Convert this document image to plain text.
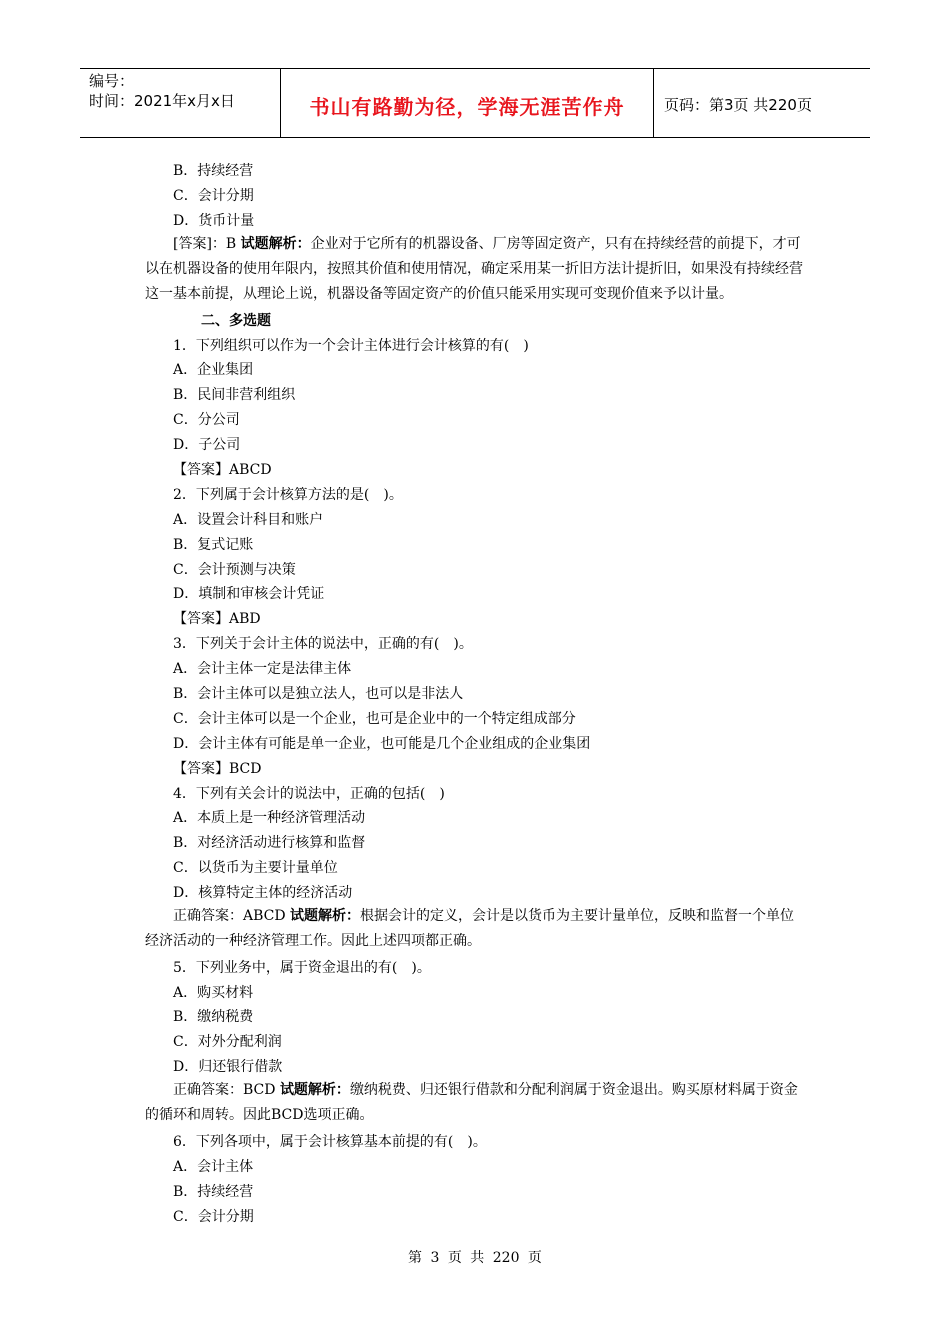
编号：
时间：2021年x月x日	书山有路勤为径，学海无涯苦作舟	页码：第3页 共220页
B．持续经营
C．会计分期
D．货币计量
[答案]：B 试题解析：企业对于它所有的机器设备、厂房等固定资产，只有在持续经营的前提下，才可以在机器设备的使用年限内，按照其价值和使用情况，确定采用某一折旧方法计提折旧，如果没有持续经营这一基本前提，从理论上说，机器设备等固定资产的价值只能采用实现可变现价值来予以计量。
二、多选题
1．下列组织可以作为一个会计主体进行会计核算的有(　)
A．企业集团
B．民间非营利组织
C．分公司
D．子公司
【答案】ABCD
2．下列属于会计核算方法的是(　)。
A．设置会计科目和账户
B．复式记账
C．会计预测与决策
D．填制和审核会计凭证
【答案】ABD
3．下列关于会计主体的说法中，正确的有(　)。
A．会计主体一定是法律主体
B．会计主体可以是独立法人，也可以是非法人
C．会计主体可以是一个企业，也可是企业中的一个特定组成部分
D．会计主体有可能是单一企业，也可能是几个企业组成的企业集团
【答案】BCD
4．下列有关会计的说法中，正确的包括(　)
A．本质上是一种经济管理活动
B．对经济活动进行核算和监督
C．以货币为主要计量单位
D．核算特定主体的经济活动
正确答案：ABCD 试题解析：根据会计的定义，会计是以货币为主要计量单位，反映和监督一个单位经济活动的一种经济管理工作。因此上述四项都正确。
5．下列业务中，属于资金退出的有(　)。
A．购买材料
B．缴纳税费
C．对外分配利润
D．归还银行借款
正确答案：BCD 试题解析：缴纳税费、归还银行借款和分配利润属于资金退出。购买原材料属于资金的循环和周转。因此BCD选项正确。
6．下列各项中，属于会计核算基本前提的有(　)。
A．会计主体
B．持续经营
C．会计分期
第 3 页 共 220 页
